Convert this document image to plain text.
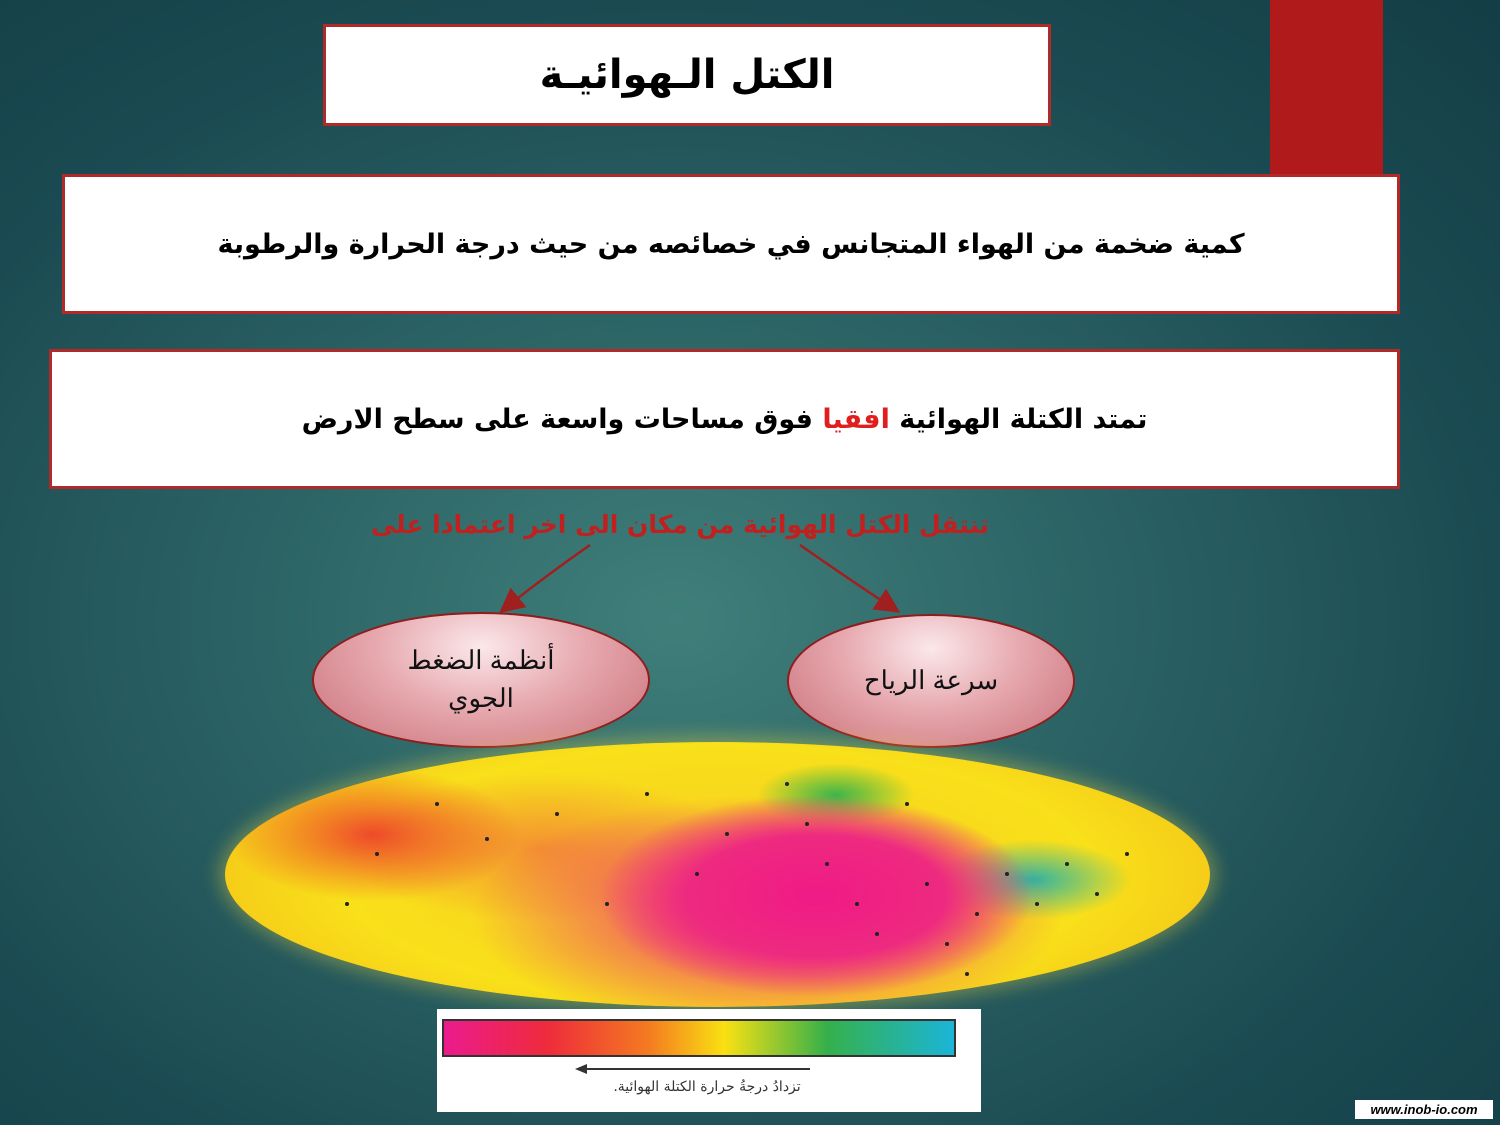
الكتل الـهوائيـة
كمية ضخمة من الهواء المتجانس في خصائصه من حيث درجة الحرارة والرطوبة
تمتد الكتلة الهوائية افقيا فوق مساحات واسعة على سطح الارض
تنتقل الكتل الهوائية من مكان الى اخر اعتمادا على
أنظمة الضغط
الجوي
سرعة الرياح
تزدادُ درجةُ حرارة الكتلة الهوائية.
www.inob-io.com
